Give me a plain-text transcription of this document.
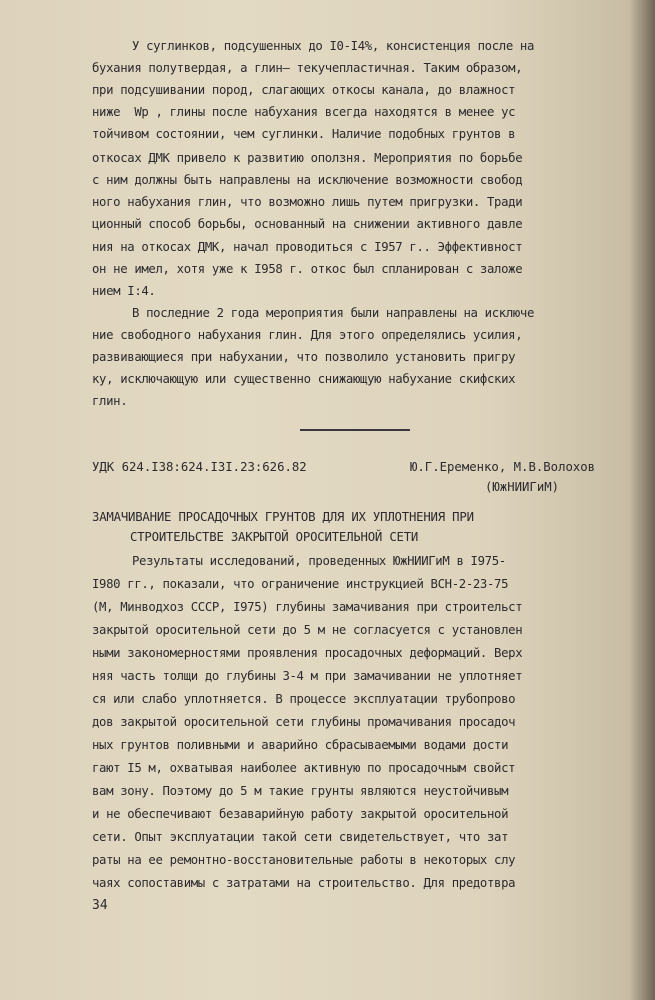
У суглинков, подсушенных до I0-I4%, консистенция после на

бухания полутвердая, а глин— текучепластичная. Таким образом,

при подсушивании пород, слагающих откосы канала, до влажност

ниже  Wp , глины после набухания всегда находятся в менее ус

тойчивом состоянии, чем суглинки. Наличие подобных грунтов в

откосах ДМК привело к развитию оползня. Мероприятия по борьбе

с ним должны быть направлены на исключение возможности свобод

ного набухания глин, что возможно лишь путем пригрузки. Тради

ционный способ борьбы, основанный на снижении активного давле

ния на откосах ДМК, начал проводиться с I957 г.. Эффективност

он не имел, хотя уже к I958 г. откос был спланирован с заложе

нием I:4.

В последние 2 года мероприятия были направлены на исключе

ние свободного набухания глин. Для этого определялись усилия,

развивающиеся при набухании, что позволило установить пригру

ку, исключающую или существенно снижающую набухание скифских

глин.

УДК 624.I38:624.I3I.23:626.82	Ю.Г.Еременко, М.В.Волохов
(ЮжНИИГиМ)
ЗАМАЧИВАНИЕ ПРОСАДОЧНЫХ ГРУНТОВ ДЛЯ ИХ УПЛОТНЕНИЯ ПРИ
СТРОИТЕЛЬСТВЕ ЗАКРЫТОЙ ОРОСИТЕЛЬНОЙ СЕТИ

Результаты исследований, проведенных ЮжНИИГиМ в I975-

I980 гг., показали, что ограничение инструкцией ВСН-2-23-75

(М, Минводхоз СССР, I975) глубины замачивания при строительст

закрытой оросительной сети до 5 м не согласуется с установлен

ными закономерностями проявления просадочных деформаций. Верх

няя часть толщи до глубины 3-4 м при замачивании не уплотняет

ся или слабо уплотняется. В процессе эксплуатации трубопрово

дов закрытой оросительной сети глубины промачивания просадоч

ных грунтов поливными и аварийно сбрасываемыми водами дости

гают I5 м, охватывая наиболее активную по просадочным свойст

вам зону. Поэтому до 5 м такие грунты являются неустойчивым

и не обеспечивают безаварийную работу закрытой оросительной

сети. Опыт эксплуатации такой сети свидетельствует, что зат

раты на ее ремонтно-восстановительные работы в некоторых слу

чаях сопоставимы с затратами на строительство. Для предотвра

34
